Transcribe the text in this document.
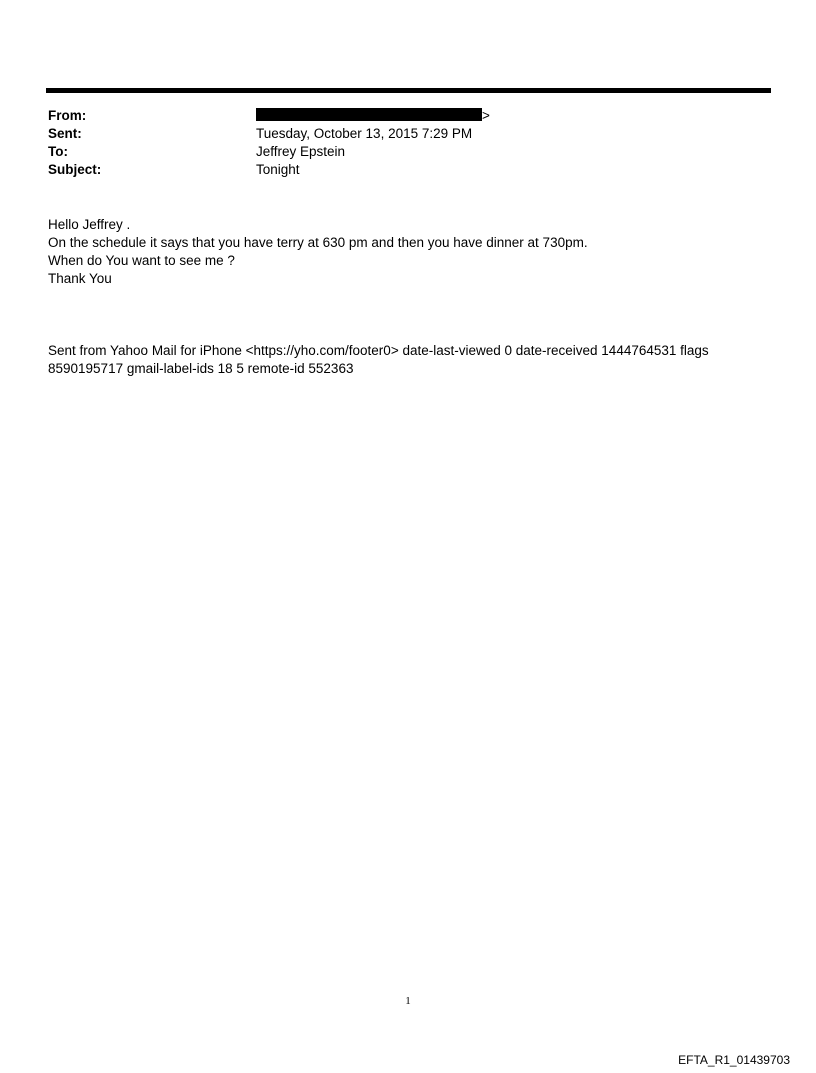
From:	>
Sent:	Tuesday, October 13, 2015 7:29 PM
To:	Jeffrey Epstein
Subject:	Tonight
Hello Jeffrey .
On the schedule it says that you have terry at 630 pm and then you have dinner at 730pm.
When do You want to see me ?
Thank You
Sent from Yahoo Mail for iPhone <https://yho.com/footer0> date-last-viewed 0 date-received 1444764531 flags
8590195717 gmail-label-ids 18 5 remote-id 552363
1
EFTA_R1_01439703
